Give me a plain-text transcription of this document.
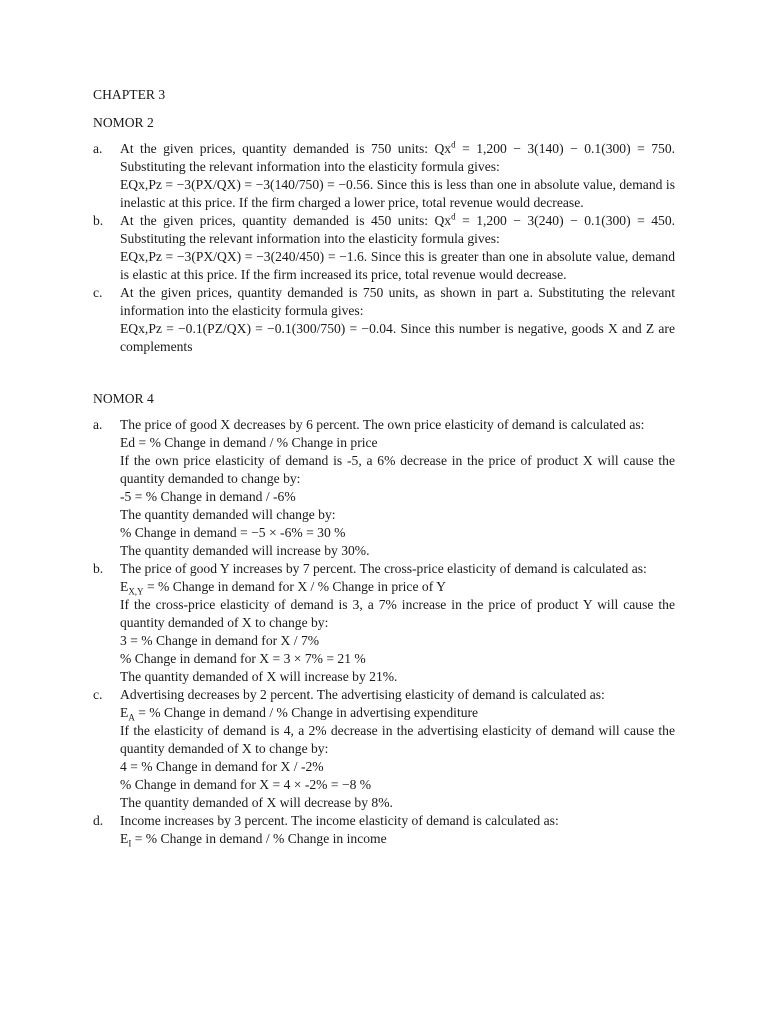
CHAPTER 3
NOMOR 2
a. At the given prices, quantity demanded is 750 units: $Qx^d = 1,200 - 3(140) - 0.1(300) = 750$. Substituting the relevant information into the elasticity formula gives:
EQx,Pz = −3(PX/QX) = −3(140/750) = −0.56. Since this is less than one in absolute value, demand is inelastic at this price. If the firm charged a lower price, total revenue would decrease.
b. At the given prices, quantity demanded is 450 units: $Qx^d = 1,200 - 3(240) - 0.1(300) = 450$. Substituting the relevant information into the elasticity formula gives:
EQx,Pz = −3(PX/QX) = −3(240/450) = −1.6. Since this is greater than one in absolute value, demand is elastic at this price. If the firm increased its price, total revenue would decrease.
c. At the given prices, quantity demanded is 750 units, as shown in part a. Substituting the relevant information into the elasticity formula gives:
EQx,Pz = −0.1(PZ/QX) = −0.1(300/750) = −0.04. Since this number is negative, goods X and Z are complements
NOMOR 4
a. The price of good X decreases by 6 percent. The own price elasticity of demand is calculated as:
Ed = % Change in demand / % Change in price
If the own price elasticity of demand is -5, a 6% decrease in the price of product X will cause the quantity demanded to change by:
-5 = % Change in demand / -6%
The quantity demanded will change by:
% Change in demand = −5 × -6% = 30 %
The quantity demanded will increase by 30%.
b. The price of good Y increases by 7 percent. The cross-price elasticity of demand is calculated as:
$E_{X,Y}$ = % Change in demand for X / % Change in price of Y
If the cross-price elasticity of demand is 3, a 7% increase in the price of product Y will cause the quantity demanded of X to change by:
3 = % Change in demand for X / 7%
% Change in demand for X = 3 × 7% = 21 %
The quantity demanded of X will increase by 21%.
c. Advertising decreases by 2 percent. The advertising elasticity of demand is calculated as:
$E_A$ = % Change in demand / % Change in advertising expenditure
If the elasticity of demand is 4, a 2% decrease in the advertising elasticity of demand will cause the quantity demanded of X to change by:
4 = % Change in demand for X / -2%
% Change in demand for X = 4 × -2% = −8 %
The quantity demanded of X will decrease by 8%.
d. Income increases by 3 percent. The income elasticity of demand is calculated as:
$E_I$ = % Change in demand / % Change in income
